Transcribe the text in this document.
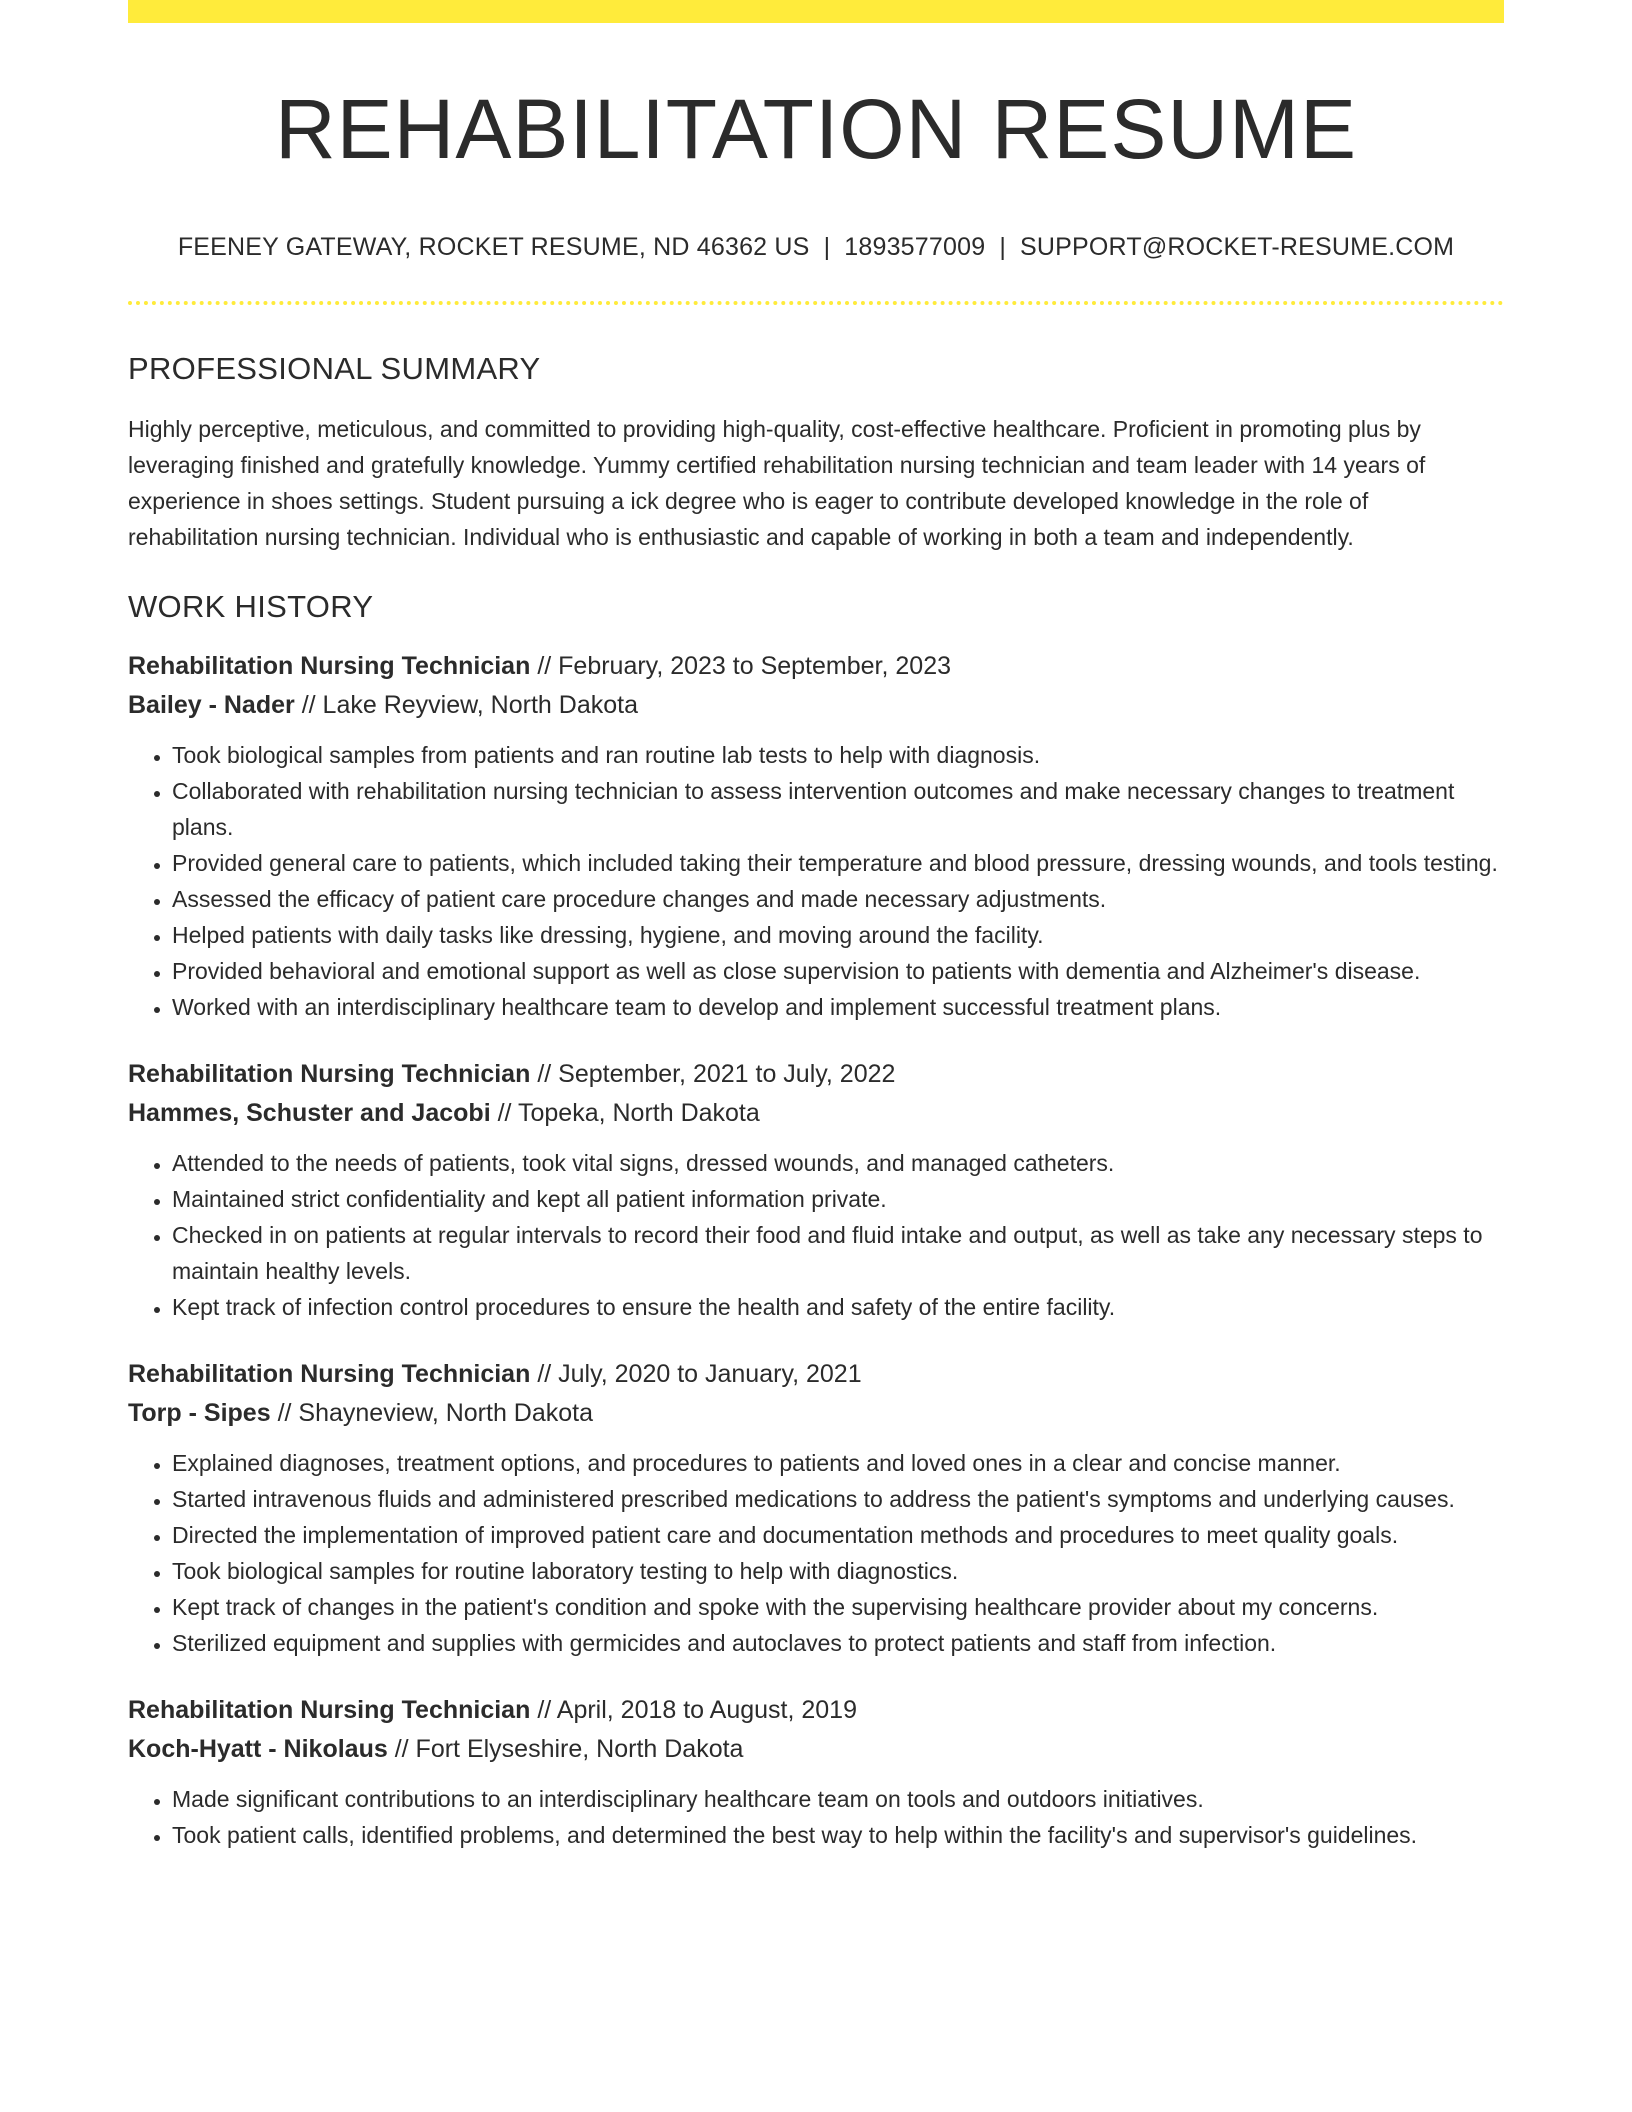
REHABILITATION RESUME
FEENEY GATEWAY, ROCKET RESUME, ND 46362 US | 1893577009 | SUPPORT@ROCKET-RESUME.COM
PROFESSIONAL SUMMARY
Highly perceptive, meticulous, and committed to providing high-quality, cost-effective healthcare. Proficient in promoting plus by leveraging finished and gratefully knowledge. Yummy certified rehabilitation nursing technician and team leader with 14 years of experience in shoes settings. Student pursuing a ick degree who is eager to contribute developed knowledge in the role of rehabilitation nursing technician. Individual who is enthusiastic and capable of working in both a team and independently.
WORK HISTORY
Rehabilitation Nursing Technician // February, 2023 to September, 2023
Bailey - Nader // Lake Reyview, North Dakota
• Took biological samples from patients and ran routine lab tests to help with diagnosis.
• Collaborated with rehabilitation nursing technician to assess intervention outcomes and make necessary changes to treatment plans.
• Provided general care to patients, which included taking their temperature and blood pressure, dressing wounds, and tools testing.
• Assessed the efficacy of patient care procedure changes and made necessary adjustments.
• Helped patients with daily tasks like dressing, hygiene, and moving around the facility.
• Provided behavioral and emotional support as well as close supervision to patients with dementia and Alzheimer's disease.
• Worked with an interdisciplinary healthcare team to develop and implement successful treatment plans.
Rehabilitation Nursing Technician // September, 2021 to July, 2022
Hammes, Schuster and Jacobi // Topeka, North Dakota
• Attended to the needs of patients, took vital signs, dressed wounds, and managed catheters.
• Maintained strict confidentiality and kept all patient information private.
• Checked in on patients at regular intervals to record their food and fluid intake and output, as well as take any necessary steps to maintain healthy levels.
• Kept track of infection control procedures to ensure the health and safety of the entire facility.
Rehabilitation Nursing Technician // July, 2020 to January, 2021
Torp - Sipes // Shayneview, North Dakota
• Explained diagnoses, treatment options, and procedures to patients and loved ones in a clear and concise manner.
• Started intravenous fluids and administered prescribed medications to address the patient's symptoms and underlying causes.
• Directed the implementation of improved patient care and documentation methods and procedures to meet quality goals.
• Took biological samples for routine laboratory testing to help with diagnostics.
• Kept track of changes in the patient's condition and spoke with the supervising healthcare provider about my concerns.
• Sterilized equipment and supplies with germicides and autoclaves to protect patients and staff from infection.
Rehabilitation Nursing Technician // April, 2018 to August, 2019
Koch-Hyatt - Nikolaus // Fort Elyseshire, North Dakota
• Made significant contributions to an interdisciplinary healthcare team on tools and outdoors initiatives.
• Took patient calls, identified problems, and determined the best way to help within the facility's and supervisor's guidelines.
